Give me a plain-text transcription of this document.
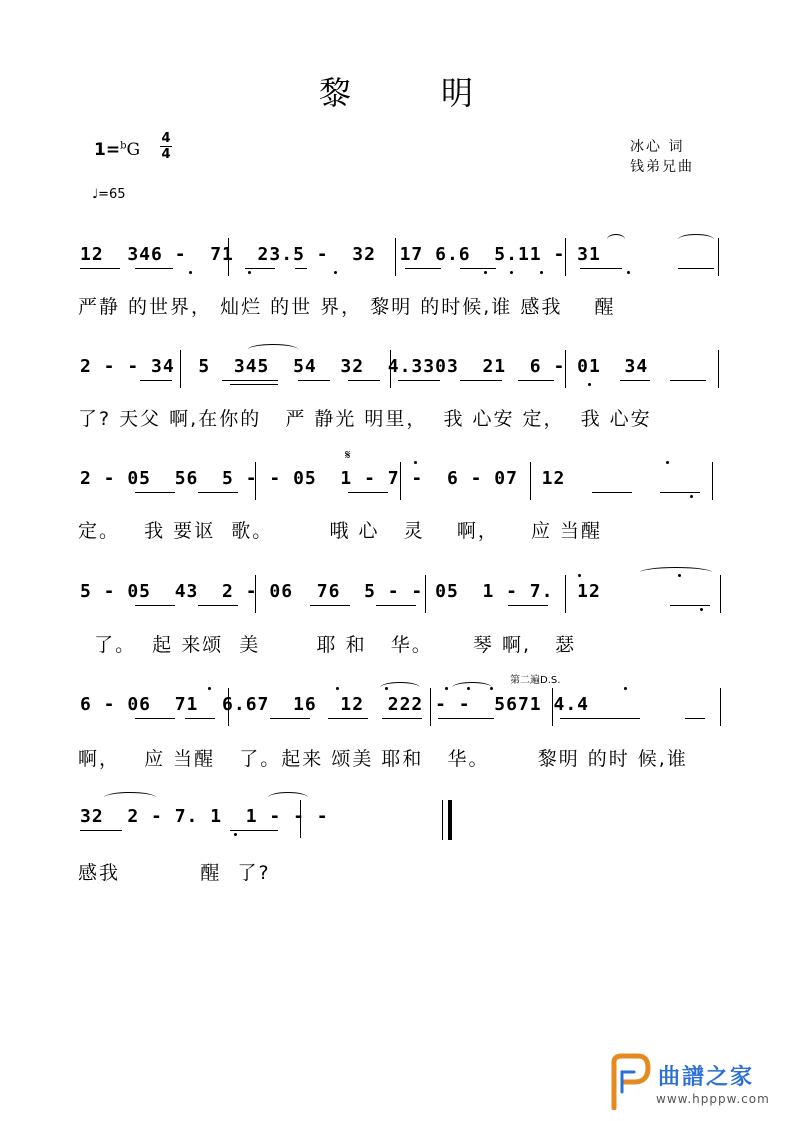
黎明
1=$^b$G
4
4	冰心 词
钱弟兄曲
♩=65
12  346 -  71  23.5 -  32  17 6.6  5.11 - 31
严静 的世界， 灿烂 的世 界， 黎明 的时候,谁 感我    醒
2 - - 34  5  345  54  32  4.3303  21  6 - 01  34
了? 天父 啊,在你的   严 静光 明里，  我 心安 定，  我 心安
2 - 05  56  5 - - 05  1 - 7 -  6 - 07  12
𝄋
定。   我 要讴  歌。       哦 心   灵    啊，    应 当醒
5 - 05  43  2 - 06  76  5 - - 05  1 - 7.  12
了。  起 来颂  美       耶 和   华。     琴 啊,   瑟
6 - 06  71  6.67  16  12  222 - -  5671 4.4
第二遍D.S.
啊，   应 当醒   了。起来 颂美 耶和   华。      黎明 的时 候,谁
32  2 - 7. 1  1 - - -
感我          醒  了?
曲譜之家
www.hpppw.com
